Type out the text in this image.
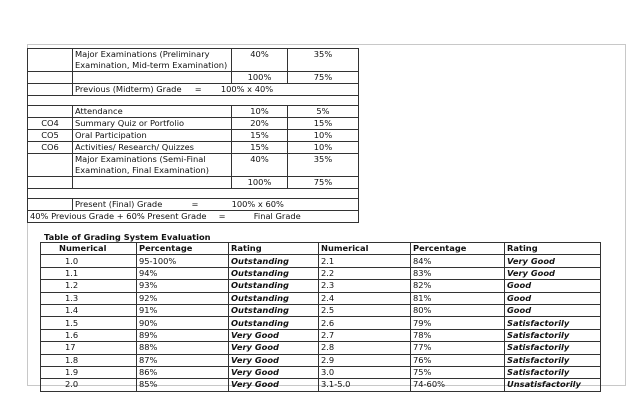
	Major Examinations (Preliminary Examination, Mid-term Examination)	40%	35%
		100%	75%
	Previous (Midterm) Grade = 100% x 40%		

	Attendance	10%	5%
CO4	Summary Quiz or Portfolio	20%	15%
CO5	Oral Participation	15%	10%
CO6	Activities/ Research/ Quizzes	15%	10%
	Major Examinations (Semi-Final Examination, Final Examination)	40%	35%
		100%	75%

	Present (Final) Grade = 100% x 60%		
40% Previous Grade + 60% Present Grade = Final Grade			
Table of Grading System Evaluation
Numerical	Percentage	Rating	Numerical	Percentage	Rating
1.0	95-100%	Outstanding	2.1	84%	Very Good
1.1	94%	Outstanding	2.2	83%	Very Good
1.2	93%	Outstanding	2.3	82%	Good
1.3	92%	Outstanding	2.4	81%	Good
1.4	91%	Outstanding	2.5	80%	Good
1.5	90%	Outstanding	2.6	79%	Satisfactorily
1.6	89%	Very Good	2.7	78%	Satisfactorily
17	88%	Very Good	2.8	77%	Satisfactorily
1.8	87%	Very Good	2.9	76%	Satisfactorily
1.9	86%	Very Good	3.0	75%	Satisfactorily
2.0	85%	Very Good	3.1-5.0	74-60%	Unsatisfactorily
